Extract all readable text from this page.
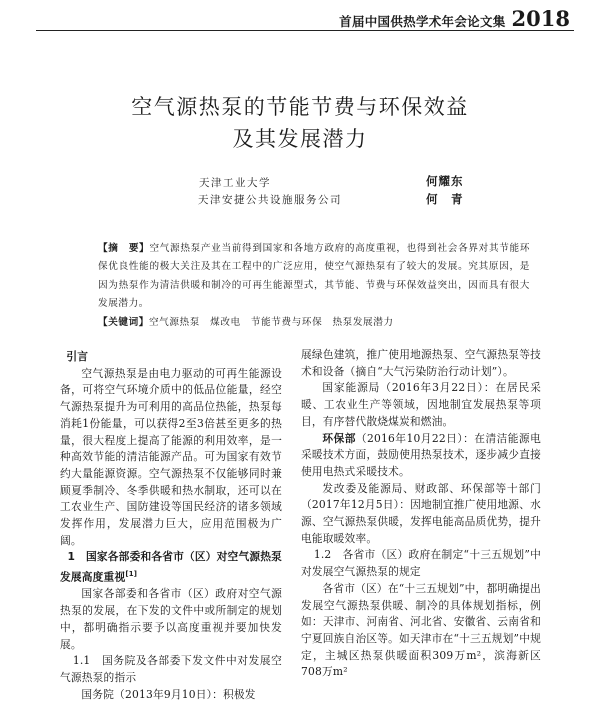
首届中国供热学术年会论文集 2018
空气源热泵的节能节费与环保效益
及其发展潜力
天津工业大学	何耀东
天津安捷公共设施服务公司	何　青
【摘　要】空气源热泵产业当前得到国家和各地方政府的高度重视，也得到社会各界对其节能环保优良性能的极大关注及其在工程中的广泛应用，使空气源热泵有了较大的发展。究其原因，是因为热泵作为清洁供暖和制冷的可再生能源型式，其节能、节费与环保效益突出，因而具有很大发展潜力。
【关键词】空气源热泵　煤改电　节能节费与环保　热泵发展潜力
引言

空气源热泵是由电力驱动的可再生能源设备，可将空气环境介质中的低品位能量，经空气源热泵提升为可利用的高品位热能，热泵每消耗1份能量，可以获得2至3倍甚至更多的热量，很大程度上提高了能源的利用效率，是一种高效节能的清洁能源产品。可为国家有效节约大量能源资源。空气源热泵不仅能够同时兼顾夏季制冷、冬季供暖和热水制取，还可以在工农业生产、国防建设等国民经济的诸多领域发挥作用，发展潜力巨大，应用范围极为广阔。

1　 国家各部委和各省市（区）对空气源热泵发展高度重视[1]

国家各部委和各省市（区）政府对空气源热泵的发展，在下发的文件中或所制定的规划中，都明确指示要予以高度重视并要加快发展。

1.1　国务院及各部委下发文件中对发展空气源热泵的指示

国务院（2013年9月10日）：积极发

展绿色建筑，推广使用地源热泵、空气源热泵等技术和设备（摘自“大气污染防治行动计划”）。

国家能源局（2016年3月22日）：在居民采暖、工农业生产等领域，因地制宜发展热泵等项目，有序替代散烧煤炭和燃油。

环保部（2016年10月22日）：在清洁能源电采暖技术方面，鼓励使用热泵技术，逐步减少直接使用电热式采暖技术。

发改委及能源局、财政部、环保部等十部门（2017年12月5日）：因地制宜推广使用地源、水源、空气源热泵供暖，发挥电能高品质优势，提升电能取暖效率。

1.2　各省市（区）政府在制定“十三五规划”中对发展空气源热泵的规定

各省市（区）在“十三五规划”中，都明确提出发展空气源热泵供暖、制冷的具体规划指标，例如：天津市、河南省、河北省、安徽省、云南省和宁夏回族自治区等。如天津市在“十三五规划”中规定，主城区热泵供暖面积309万m²，滨海新区708万m²
